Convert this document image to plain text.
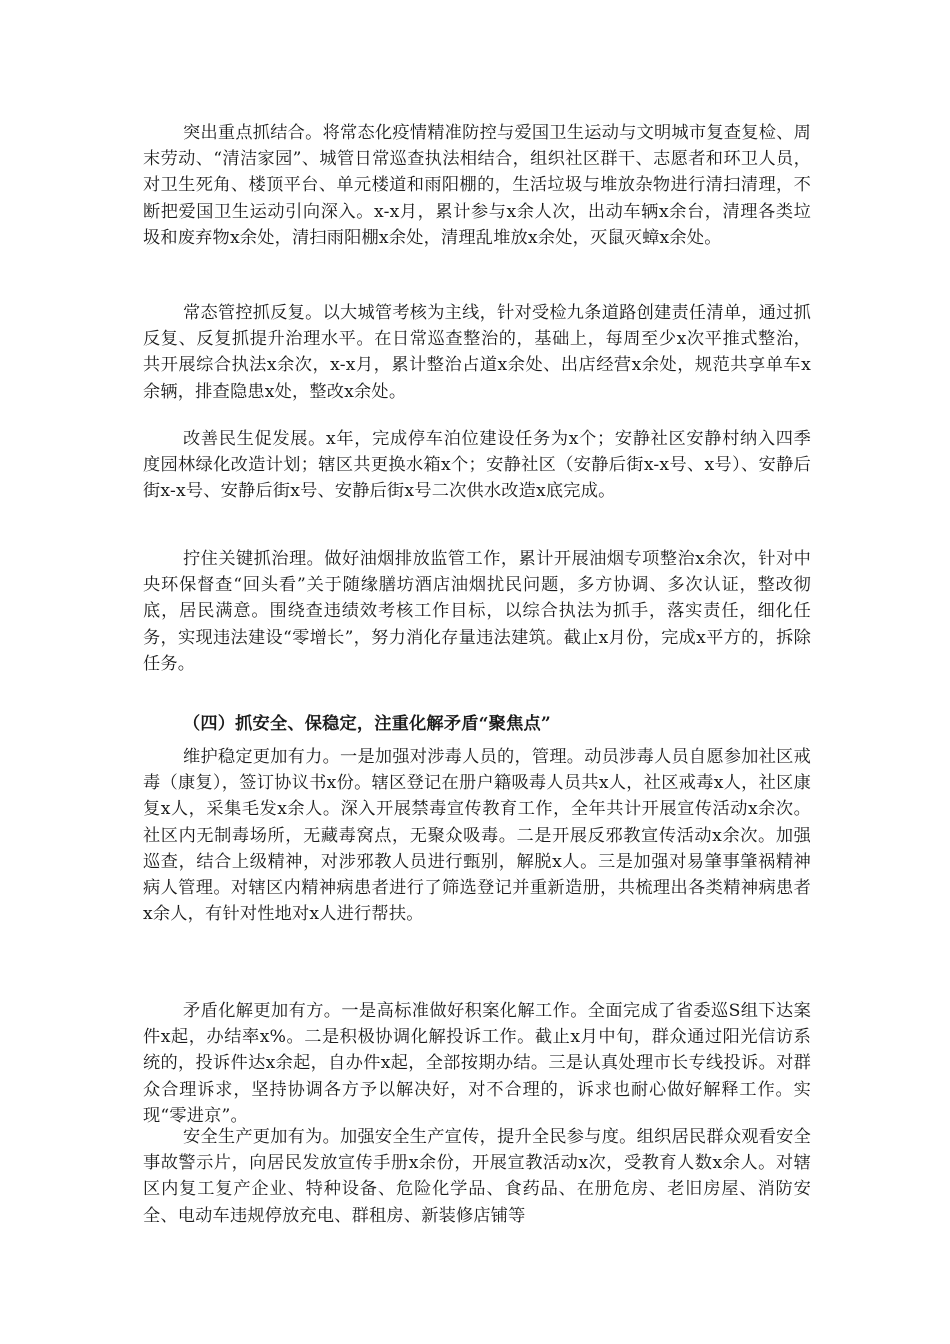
突出重点抓结合。将常态化疫情精准防控与爱国卫生运动与文明城市复查复检、周末劳动、“清洁家园”、城管日常巡查执法相结合，组织社区群干、志愿者和环卫人员，对卫生死角、楼顶平台、单元楼道和雨阳棚的，生活垃圾与堆放杂物进行清扫清理，不断把爱国卫生运动引向深入。x-x月，累计参与x余人次，出动车辆x余台，清理各类垃圾和废弃物x余处，清扫雨阳棚x余处，清理乱堆放x余处，灭鼠灭蟑x余处。

常态管控抓反复。以大城管考核为主线，针对受检九条道路创建责任清单，通过抓反复、反复抓提升治理水平。在日常巡查整治的，基础上，每周至少x次平推式整治，共开展综合执法x余次，x-x月，累计整治占道x余处、出店经营x余处，规范共享单车x余辆，排查隐患x处，整改x余处。

改善民生促发展。x年，完成停车泊位建设任务为x个；安静社区安静村纳入四季度园林绿化改造计划；辖区共更换水箱x个；安静社区（安静后街x-x号、x号）、安静后街x-x号、安静后街x号、安静后街x号二次供水改造x底完成。

拧住关键抓治理。做好油烟排放监管工作，累计开展油烟专项整治x余次，针对中央环保督查“回头看”关于随缘膳坊酒店油烟扰民问题，多方协调、多次认证，整改彻底，居民满意。围绕查违绩效考核工作目标，以综合执法为抓手，落实责任，细化任务，实现违法建设“零增长”，努力消化存量违法建筑。截止x月份，完成x平方的，拆除任务。

（四）抓安全、保稳定，注重化解矛盾“聚焦点”

维护稳定更加有力。一是加强对涉毒人员的，管理。动员涉毒人员自愿参加社区戒毒（康复），签订协议书x份。辖区登记在册户籍吸毒人员共x人，社区戒毒x人，社区康复x人，采集毛发x余人。深入开展禁毒宣传教育工作，全年共计开展宣传活动x余次。社区内无制毒场所，无藏毒窝点，无聚众吸毒。二是开展反邪教宣传活动x余次。加强巡查，结合上级精神，对涉邪教人员进行甄别，解脱x人。三是加强对易肇事肇祸精神病人管理。对辖区内精神病患者进行了筛选登记并重新造册，共梳理出各类精神病患者x余人，有针对性地对x人进行帮扶。

矛盾化解更加有方。一是高标准做好积案化解工作。全面完成了省委巡S组下达案件x起，办结率x%。二是积极协调化解投诉工作。截止x月中旬，群众通过阳光信访系统的，投诉件达x余起，自办件x起，全部按期办结。三是认真处理市长专线投诉。对群众合理诉求，坚持协调各方予以解决好，对不合理的，诉求也耐心做好解释工作。实现“零进京”。

安全生产更加有为。加强安全生产宣传，提升全民参与度。组织居民群众观看安全事故警示片，向居民发放宣传手册x余份，开展宣教活动x次，受教育人数x余人。对辖区内复工复产企业、特种设备、危险化学品、食药品、在册危房、老旧房屋、消防安全、电动车违规停放充电、群租房、新装修店铺等
